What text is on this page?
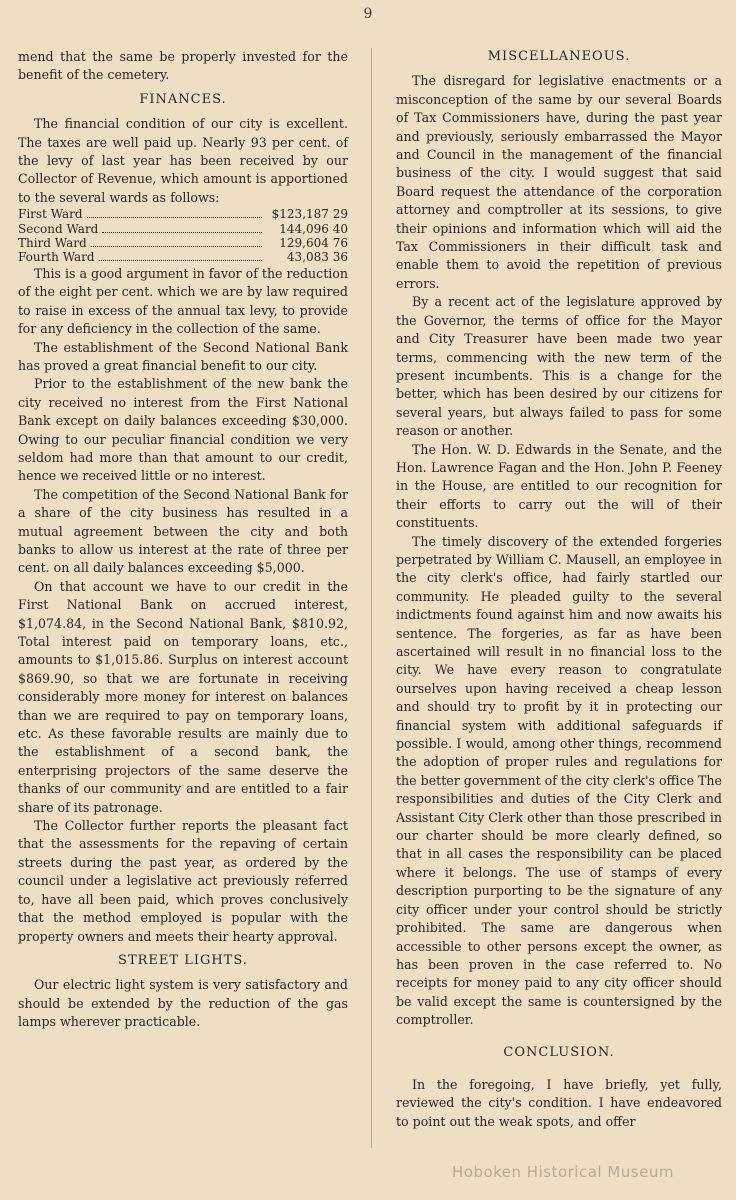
9

mend that the same be properly invested for the benefit of the cemetery.

FINANCES.

The financial condition of our city is excellent. The taxes are well paid up. Nearly 93 per cent. of the levy of last year has been received by our Collector of Revenue, which amount is apportioned to the several wards as follows:

First Ward	$123,187 29
Second Ward	144,096 40
Third Ward	129,604 76
Fourth Ward	43,083 36

This is a good argument in favor of the reduction of the eight per cent. which we are by law required to raise in excess of the annual tax levy, to provide for any deficiency in the collection of the same.

The establishment of the Second National Bank has proved a great financial benefit to our city.

Prior to the establishment of the new bank the city received no interest from the First National Bank except on daily balances exceeding $30,000. Owing to our peculiar financial condition we very seldom had more than that amount to our credit, hence we received little or no interest.

The competition of the Second National Bank for a share of the city business has resulted in a mutual agreement between the city and both banks to allow us interest at the rate of three per cent. on all daily balances exceeding $5,000.

On that account we have to our credit in the First National Bank on accrued interest, $1,074.84, in the Second National Bank, $810.92, Total interest paid on temporary loans, etc., amounts to $1,015.86. Surplus on interest account $869.90, so that we are fortunate in receiving considerably more money for interest on balances than we are required to pay on temporary loans, etc. As these favorable results are mainly due to the establishment of a second bank, the enterprising projectors of the same deserve the thanks of our community and are entitled to a fair share of its patronage.

The Collector further reports the pleasant fact that the assessments for the repaving of certain streets during the past year, as ordered by the council under a legislative act previously referred to, have all been paid, which proves conclusively that the method employed is popular with the property owners and meets their hearty approval.

STREET LIGHTS.

Our electric light system is very satisfactory and should be extended by the reduction of the gas lamps wherever practicable.

MISCELLANEOUS.

The disregard for legislative enactments or a misconception of the same by our several Boards of Tax Commissioners have, during the past year and previously, seriously embarrassed the Mayor and Council in the management of the financial business of the city. I would suggest that said Board request the attendance of the corporation attorney and comptroller at its sessions, to give their opinions and information which will aid the Tax Commissioners in their difficult task and enable them to avoid the repetition of previous errors.

By a recent act of the legislature approved by the Governor, the terms of office for the Mayor and City Treasurer have been made two year terms, commencing with the new term of the present incumbents. This is a change for the better, which has been desired by our citizens for several years, but always failed to pass for some reason or another.

The Hon. W. D. Edwards in the Senate, and the Hon. Lawrence Fagan and the Hon. John P. Feeney in the House, are entitled to our recognition for their efforts to carry out the will of their constituents.

The timely discovery of the extended forgeries perpetrated by William C. Mausell, an employee in the city clerk's office, had fairly startled our community. He pleaded guilty to the several indictments found against him and now awaits his sentence. The forgeries, as far as have been ascertained will result in no financial loss to the city. We have every reason to congratulate ourselves upon having received a cheap lesson and should try to profit by it in protecting our financial system with additional safeguards if possible. I would, among other things, recommend the adoption of proper rules and regulations for the better government of the city clerk's office The responsibilities and duties of the City Clerk and Assistant City Clerk other than those prescribed in our charter should be more clearly defined, so that in all cases the responsibility can be placed where it belongs. The use of stamps of every description purporting to be the signature of any city officer under your control should be strictly prohibited. The same are dangerous when accessible to other persons except the owner, as has been proven in the case referred to. No receipts for money paid to any city officer should be valid except the same is countersigned by the comptroller.

CONCLUSION.

In the foregoing, I have briefly, yet fully, reviewed the city's condition. I have endeavored to point out the weak spots, and offer

Hoboken Historical Museum
